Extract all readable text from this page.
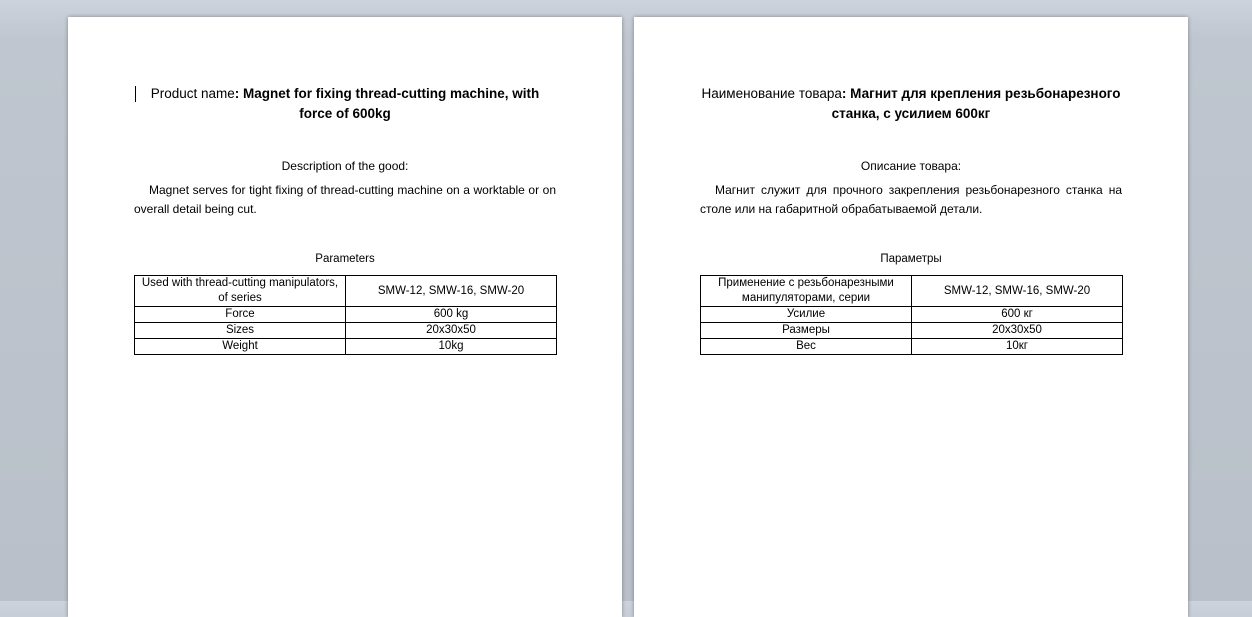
Product name: Magnet for fixing thread-cutting machine, with force of 600kg
Description of the good:
Magnet serves for tight fixing of thread-cutting machine on a worktable or on overall detail being cut.
Parameters
Used with thread-cutting manipulators, of series	SMW-12, SMW-16, SMW-20
Force	600 kg
Sizes	20x30x50
Weight	10kg
Наименование товара: Магнит для крепления резьбонарезного станка, с усилием 600кг
Описание товара:
Магнит служит для прочного закрепления резьбонарезного станка на столе или на габаритной обрабатываемой детали.
Параметры
Применение с резьбонарезными манипуляторами, серии	SMW-12, SMW-16, SMW-20
Усилие	600 кг
Размеры	20x30x50
Вес	10кг
